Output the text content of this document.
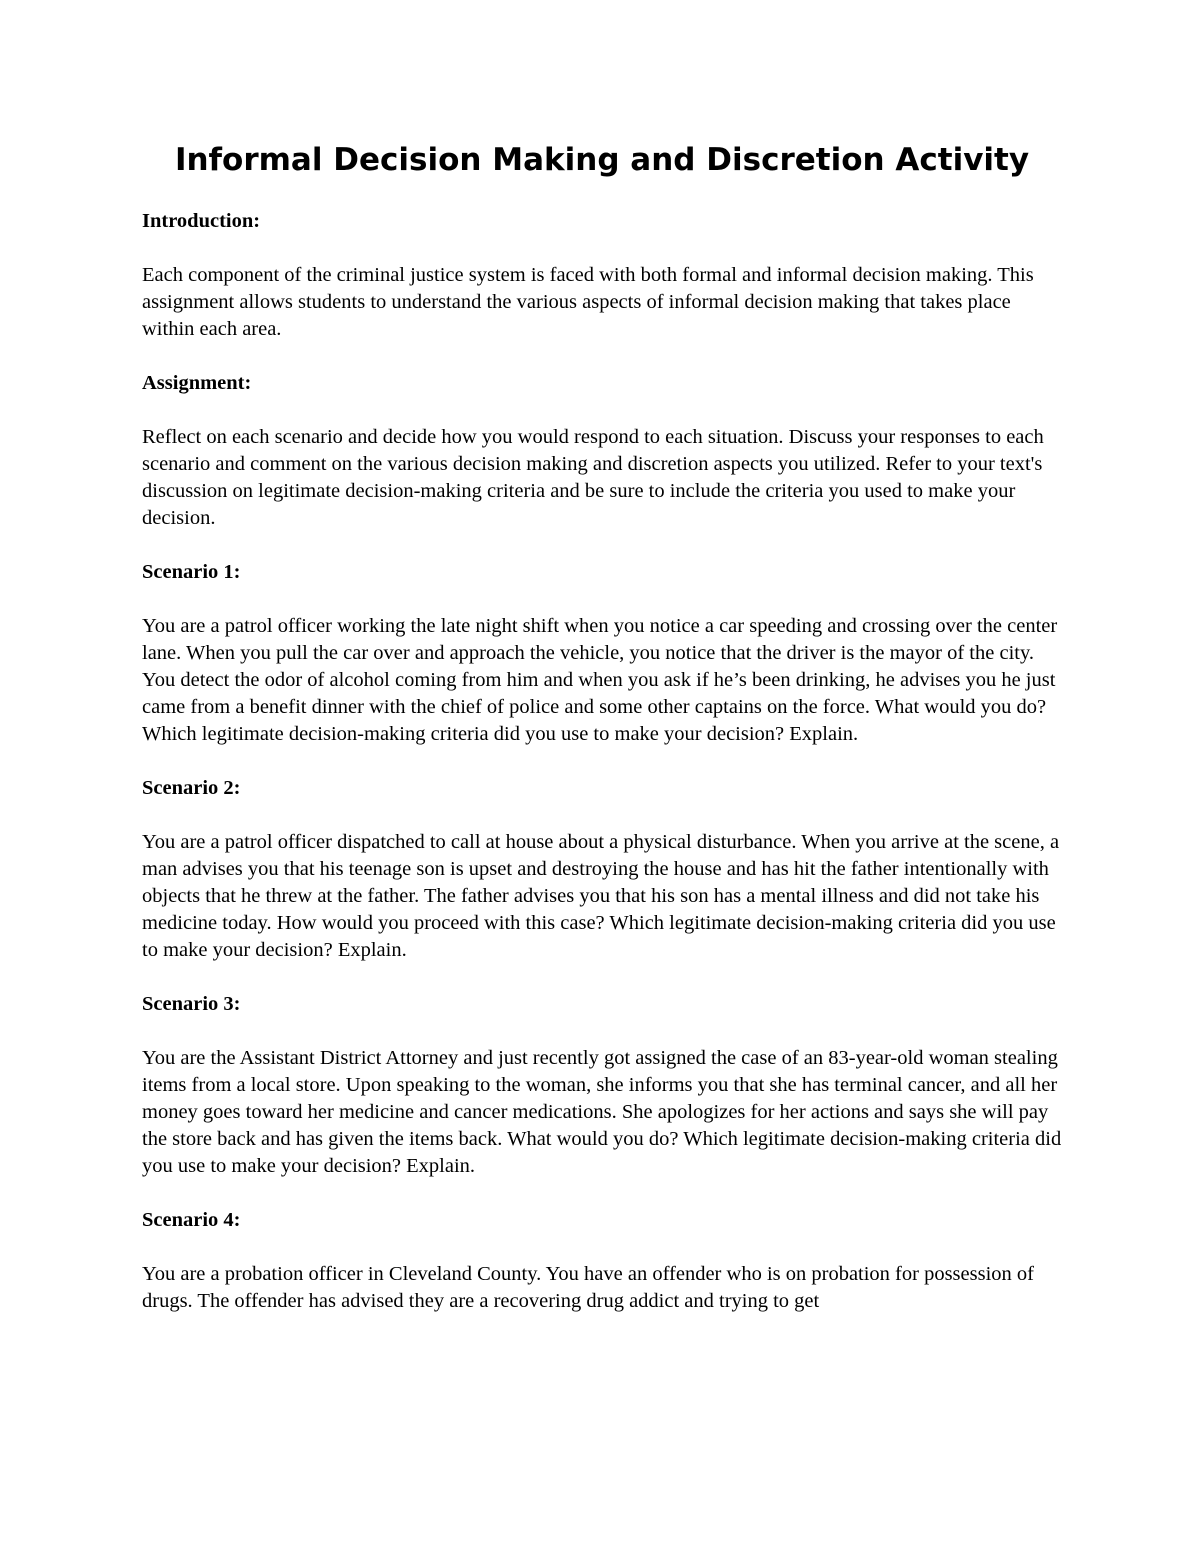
Informal Decision Making and Discretion Activity
Introduction:

Each component of the criminal justice system is faced with both formal and informal decision making. This assignment allows students to understand the various aspects of informal decision making that takes place within each area.

Assignment:

Reflect on each scenario and decide how you would respond to each situation. Discuss your responses to each scenario and comment on the various decision making and discretion aspects you utilized. Refer to your text's discussion on legitimate decision-making criteria and be sure to include the criteria you used to make your decision.

Scenario 1:

You are a patrol officer working the late night shift when you notice a car speeding and crossing over the center lane. When you pull the car over and approach the vehicle, you notice that the driver is the mayor of the city. You detect the odor of alcohol coming from him and when you ask if he’s been drinking, he advises you he just came from a benefit dinner with the chief of police and some other captains on the force. What would you do? Which legitimate decision-making criteria did you use to make your decision? Explain.

Scenario 2:

You are a patrol officer dispatched to call at house about a physical disturbance. When you arrive at the scene, a man advises you that his teenage son is upset and destroying the house and has hit the father intentionally with objects that he threw at the father. The father advises you that his son has a mental illness and did not take his medicine today. How would you proceed with this case? Which legitimate decision-making criteria did you use to make your decision? Explain.

Scenario 3:

You are the Assistant District Attorney and just recently got assigned the case of an 83-year-old woman stealing items from a local store. Upon speaking to the woman, she informs you that she has terminal cancer, and all her money goes toward her medicine and cancer medications. She apologizes for her actions and says she will pay the store back and has given the items back. What would you do? Which legitimate decision-making criteria did you use to make your decision? Explain.

Scenario 4:

You are a probation officer in Cleveland County. You have an offender who is on probation for possession of drugs. The offender has advised they are a recovering drug addict and trying to get
